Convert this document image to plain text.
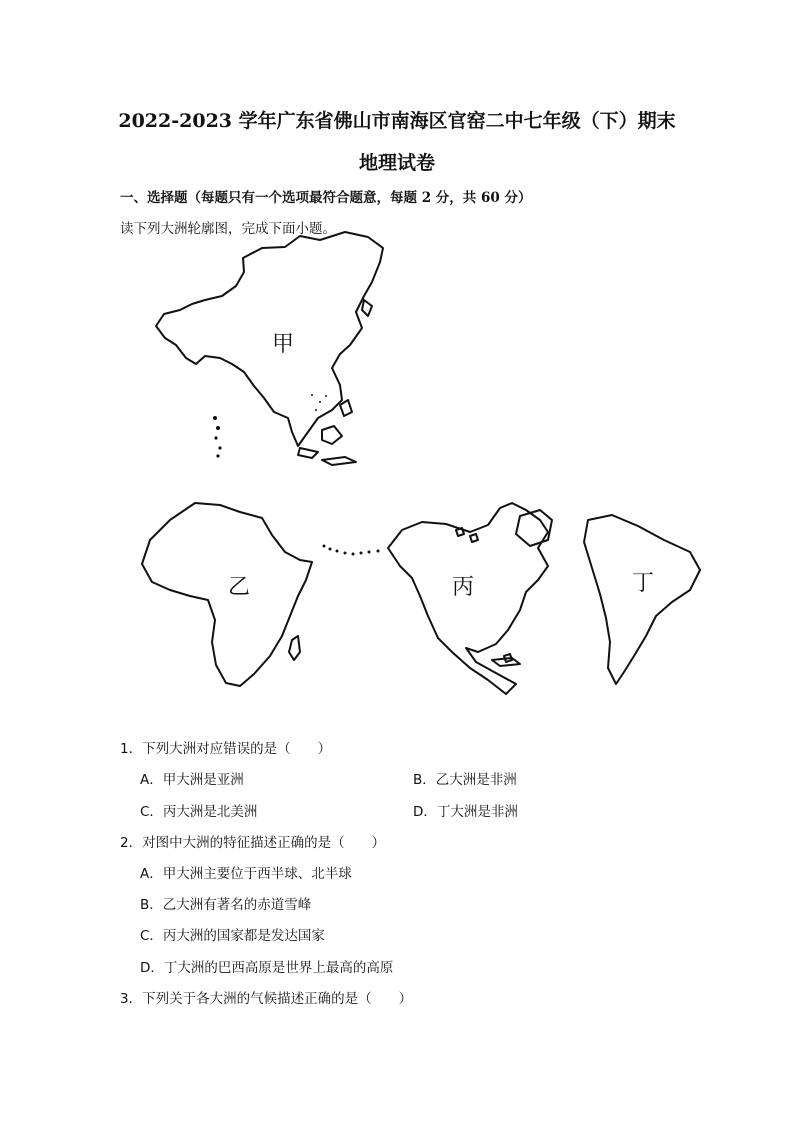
2022-2023 学年广东省佛山市南海区官窑二中七年级（下）期末
地理试卷
一、选择题（每题只有一个选项最符合题意，每题 2 分，共 60 分）
读下列大洲轮廓图，完成下面小题。
甲
乙	丙	丁
1．下列大洲对应错误的是（　　）
A．甲大洲是亚洲	B．乙大洲是非洲
C．丙大洲是北美洲	D．丁大洲是非洲
2．对图中大洲的特征描述正确的是（　　）
A．甲大洲主要位于西半球、北半球
B．乙大洲有著名的赤道雪峰
C．丙大洲的国家都是发达国家
D．丁大洲的巴西高原是世界上最高的高原
3．下列关于各大洲的气候描述正确的是（　　）
